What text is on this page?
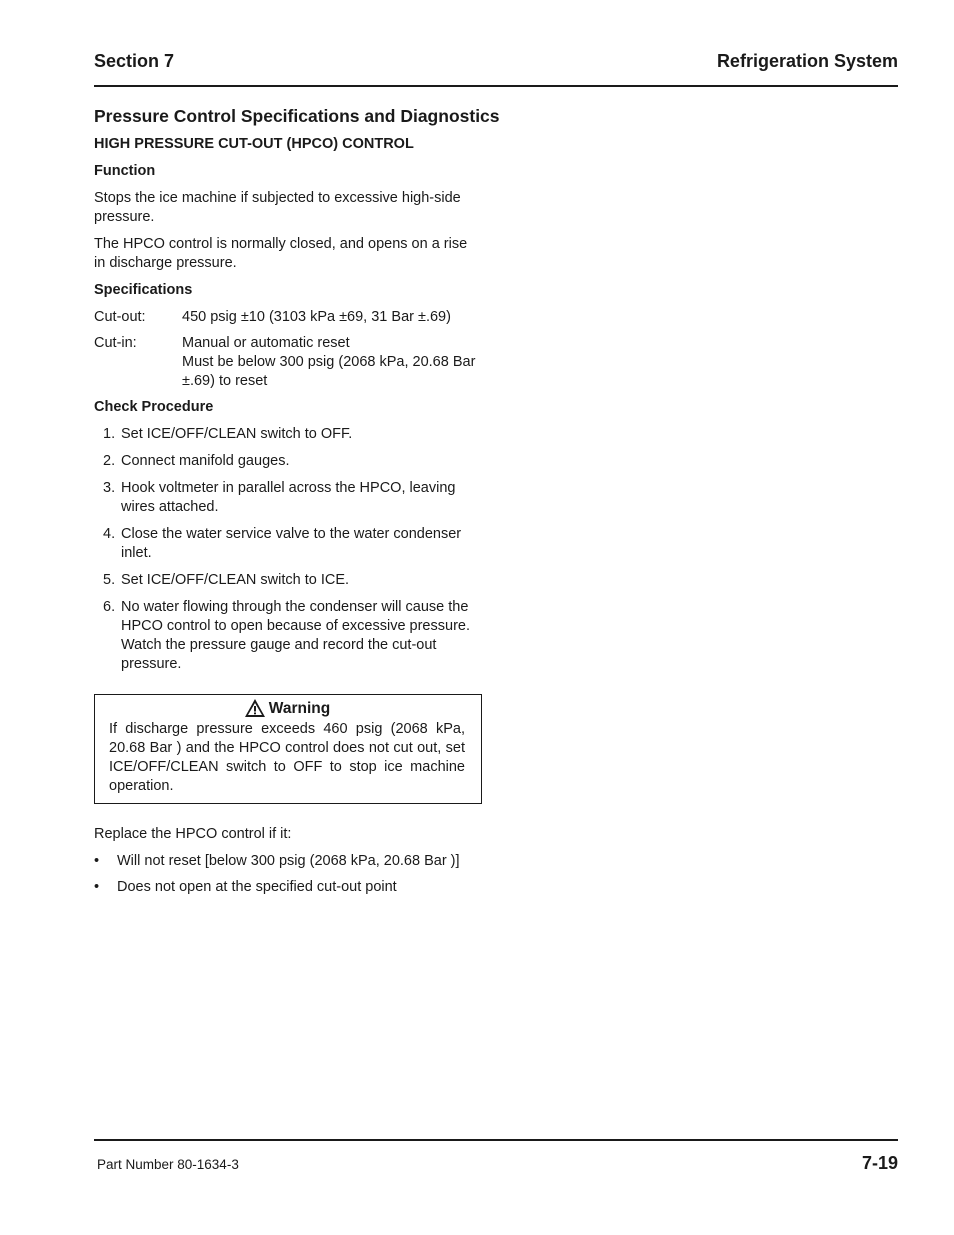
Section 7	Refrigeration System
Pressure Control Specifications and Diagnostics
HIGH PRESSURE CUT-OUT (HPCO) CONTROL
Function

Stops the ice machine if subjected to excessive high-side pressure.

The HPCO control is normally closed, and opens on a rise in discharge pressure.

Specifications
Cut-out:	450 psig ±10 (3103 kPa ±69, 31 Bar ±.69)
Cut-in:	Manual or automatic reset
Must be below 300 psig (2068 kPa, 20.68 Bar ±.69) to reset
Check Procedure
1. Set ICE/OFF/CLEAN switch to OFF.
2. Connect manifold gauges.
3. Hook voltmeter in parallel across the HPCO, leaving wires attached.
4. Close the water service valve to the water condenser inlet.
5. Set ICE/OFF/CLEAN switch to ICE.
6. No water flowing through the condenser will cause the HPCO control to open because of excessive pressure. Watch the pressure gauge and record the cut-out pressure.
Warning
If discharge pressure exceeds 460 psig (2068 kPa, 20.68 Bar ) and the HPCO control does not cut out, set ICE/OFF/CLEAN switch to OFF to stop ice machine operation.

Replace the HPCO control if it:

•	Will not reset [below 300 psig (2068 kPa, 20.68 Bar )]
•	Does not open at the specified cut-out point
Part Number 80-1634-3	7-19
